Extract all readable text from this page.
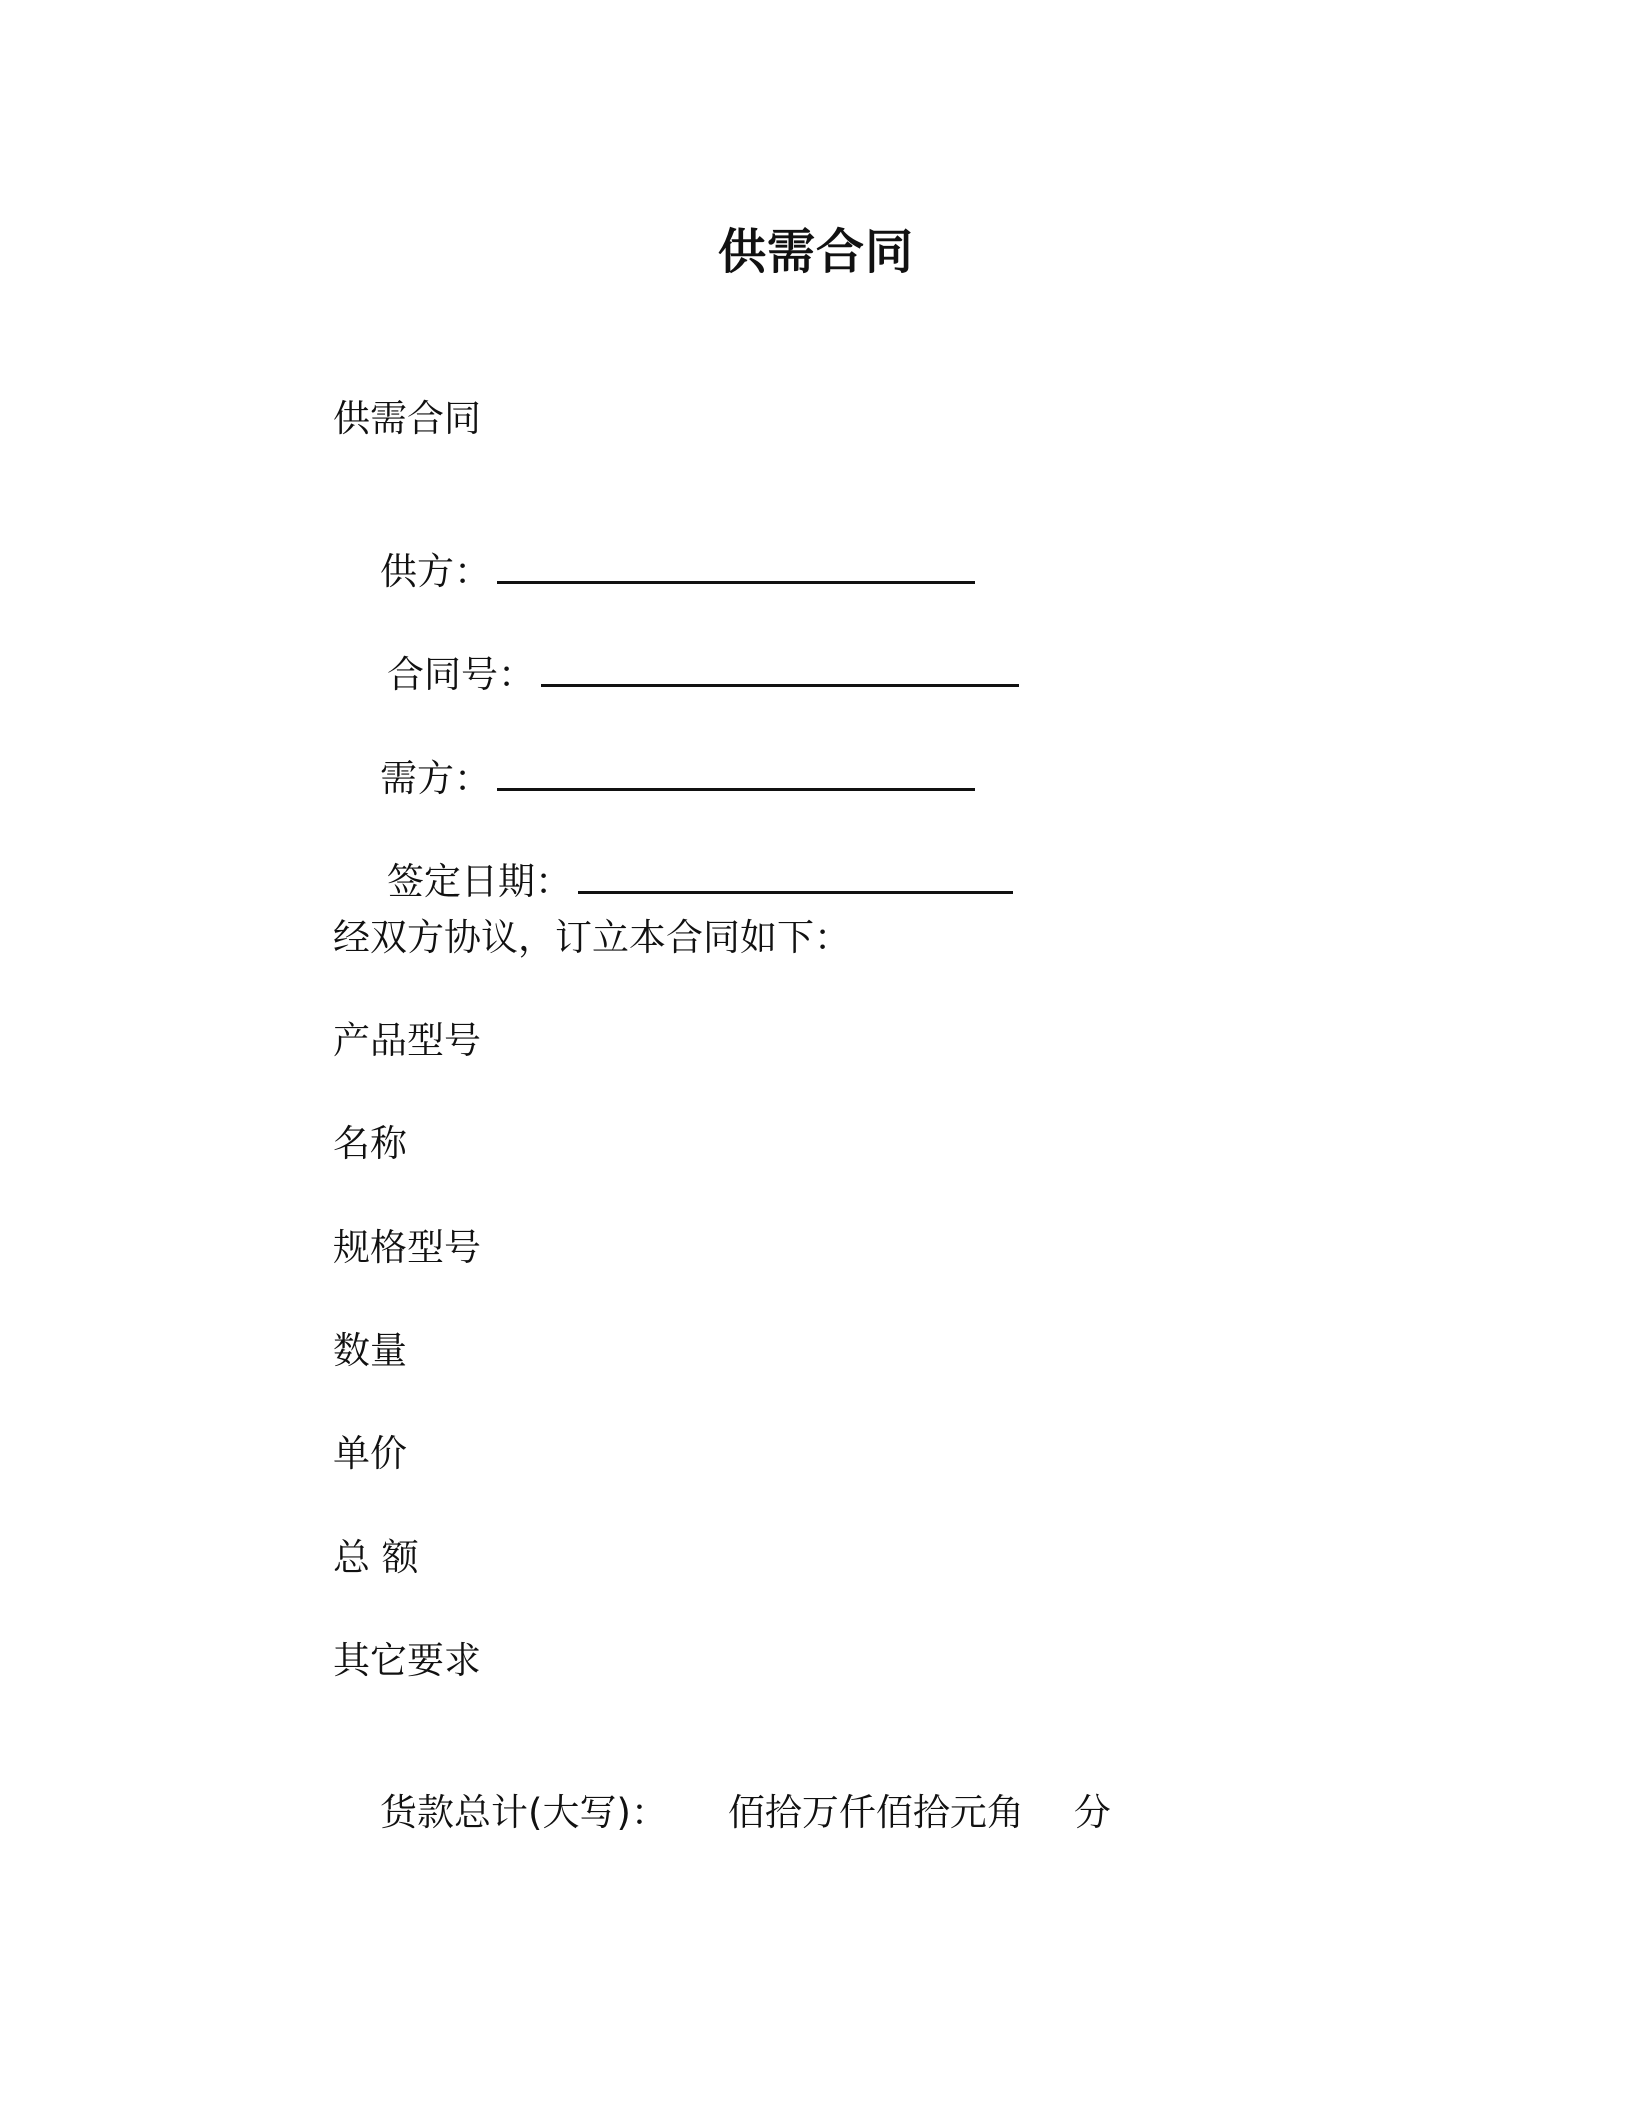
供需合同
供需合同

供方：

合同号：

需方：

签定日期：

经双方协议，订立本合同如下：
产品型号
名称
规格型号
数量
单价
总 额
其它要求

货款总计(大写)： 佰拾万仟佰拾元角 分
